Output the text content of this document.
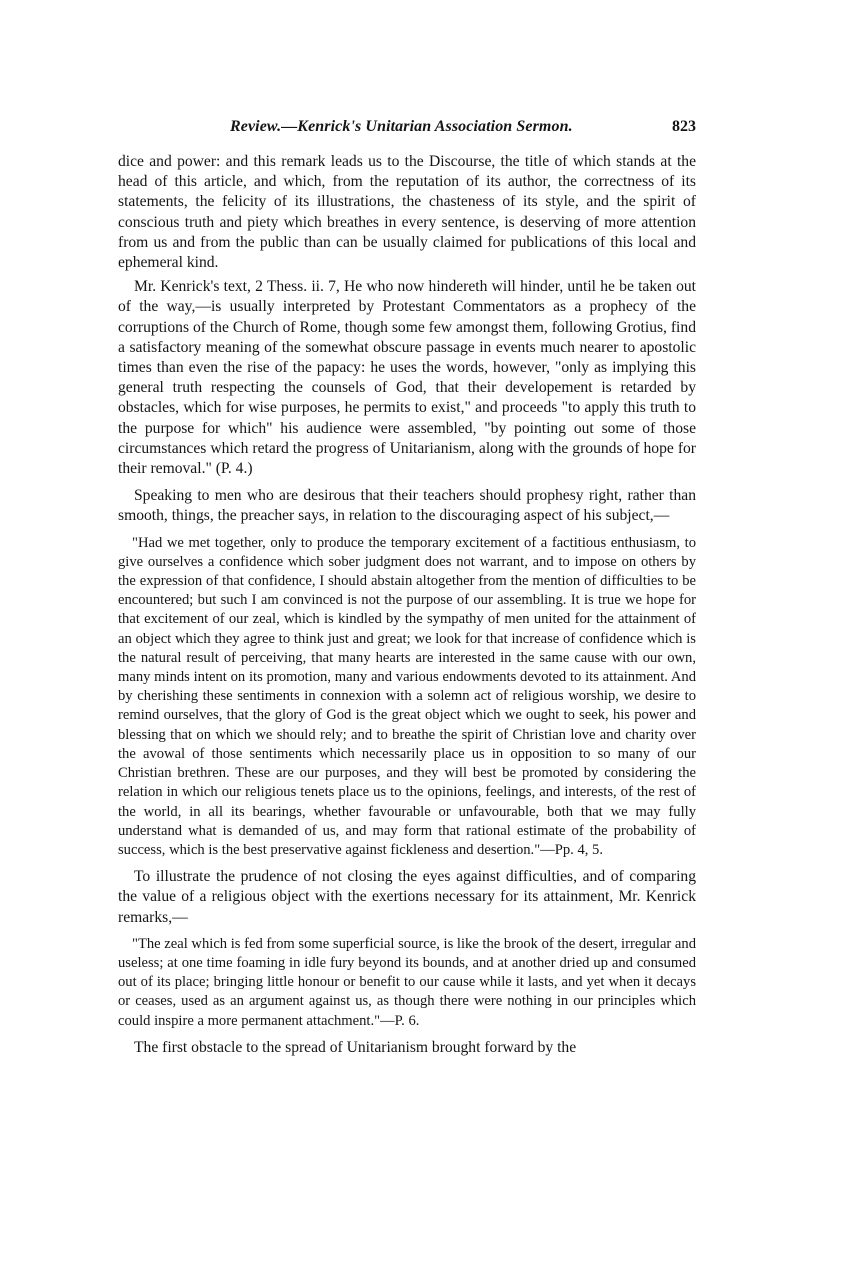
Review.—Kenrick's Unitarian Association Sermon.	823

dice and power: and this remark leads us to the Discourse, the title of which stands at the head of this article, and which, from the reputation of its author, the correctness of its statements, the felicity of its illustrations, the chasteness of its style, and the spirit of conscious truth and piety which breathes in every sentence, is deserving of more attention from us and from the public than can be usually claimed for publications of this local and ephemeral kind.

Mr. Kenrick's text, 2 Thess. ii. 7, He who now hindereth will hinder, until he be taken out of the way,—is usually interpreted by Protestant Commentators as a prophecy of the corruptions of the Church of Rome, though some few amongst them, following Grotius, find a satisfactory meaning of the somewhat obscure passage in events much nearer to apostolic times than even the rise of the papacy: he uses the words, however, "only as implying this general truth respecting the counsels of God, that their developement is retarded by obstacles, which for wise purposes, he permits to exist," and proceeds "to apply this truth to the purpose for which" his audience were assembled, "by pointing out some of those circumstances which retard the progress of Unitarianism, along with the grounds of hope for their removal." (P. 4.)

Speaking to men who are desirous that their teachers should prophesy right, rather than smooth, things, the preacher says, in relation to the discouraging aspect of his subject,—

"Had we met together, only to produce the temporary excitement of a factitious enthusiasm, to give ourselves a confidence which sober judgment does not warrant, and to impose on others by the expression of that confidence, I should abstain altogether from the mention of difficulties to be encountered; but such I am convinced is not the purpose of our assembling. It is true we hope for that excitement of our zeal, which is kindled by the sympathy of men united for the attainment of an object which they agree to think just and great; we look for that increase of confidence which is the natural result of perceiving, that many hearts are interested in the same cause with our own, many minds intent on its promotion, many and various endowments devoted to its attainment. And by cherishing these sentiments in connexion with a solemn act of religious worship, we desire to remind ourselves, that the glory of God is the great object which we ought to seek, his power and blessing that on which we should rely; and to breathe the spirit of Christian love and charity over the avowal of those sentiments which necessarily place us in opposition to so many of our Christian brethren. These are our purposes, and they will best be promoted by considering the relation in which our religious tenets place us to the opinions, feelings, and interests, of the rest of the world, in all its bearings, whether favourable or unfavourable, both that we may fully understand what is demanded of us, and may form that rational estimate of the probability of success, which is the best preservative against fickleness and desertion."—Pp. 4, 5.

To illustrate the prudence of not closing the eyes against difficulties, and of comparing the value of a religious object with the exertions necessary for its attainment, Mr. Kenrick remarks,—

"The zeal which is fed from some superficial source, is like the brook of the desert, irregular and useless; at one time foaming in idle fury beyond its bounds, and at another dried up and consumed out of its place; bringing little honour or benefit to our cause while it lasts, and yet when it decays or ceases, used as an argument against us, as though there were nothing in our principles which could inspire a more permanent attachment."—P. 6.

The first obstacle to the spread of Unitarianism brought forward by the
